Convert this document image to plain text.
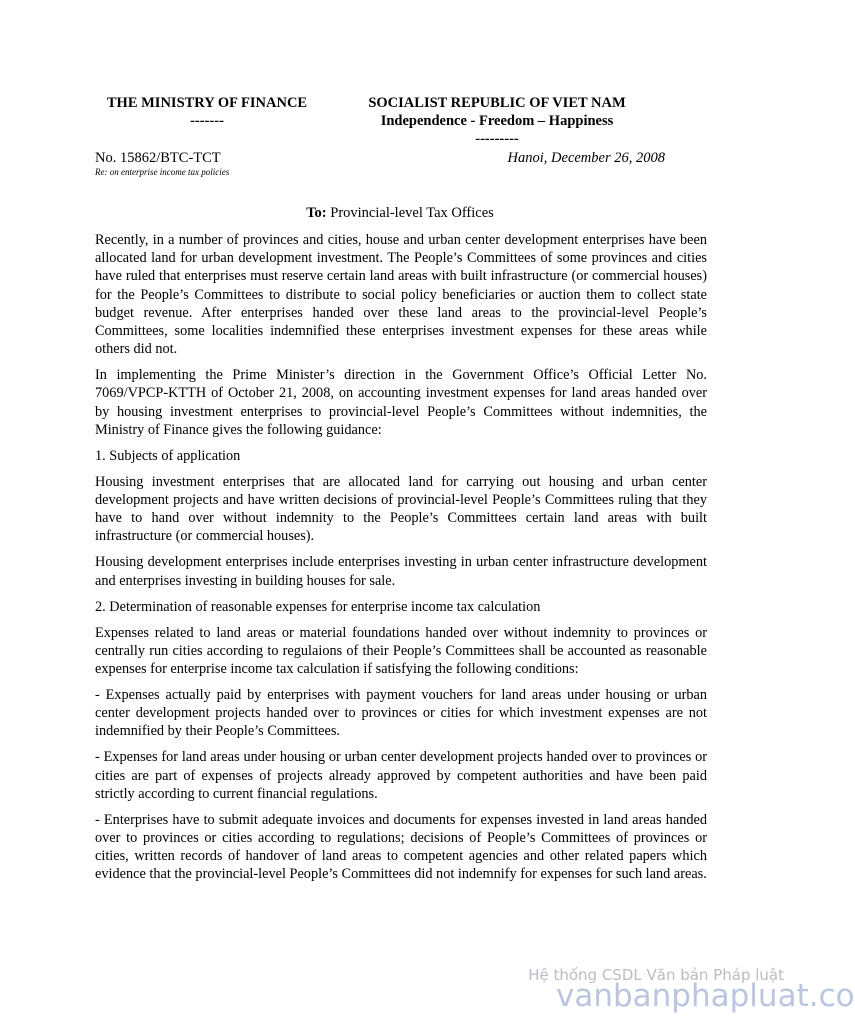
THE MINISTRY OF FINANCE
-------
SOCIALIST REPUBLIC OF VIET NAM
Independence - Freedom – Happiness
---------
No. 15862/BTC-TCT	Hanoi, December 26, 2008
Re: on enterprise income tax policies
To: Provincial-level Tax Offices

Recently, in a number of provinces and cities, house and urban center development enterprises have been allocated land for urban development investment. The People’s Committees of some provinces and cities have ruled that enterprises must reserve certain land areas with built infrastructure (or commercial houses) for the People’s Committees to distribute to social policy beneficiaries or auction them to collect state budget revenue. After enterprises handed over these land areas to the provincial-level People’s Committees, some localities indemnified these enterprises investment expenses for these areas while others did not.

In implementing the Prime Minister’s direction in the Government Office’s Official Letter No. 7069/VPCP-KTTH of October 21, 2008, on accounting investment expenses for land areas handed over by housing investment enterprises to provincial-level People’s Committees without indemnities, the Ministry of Finance gives the following guidance:

1. Subjects of application

Housing investment enterprises that are allocated land for carrying out housing and urban center development projects and have written decisions of provincial-level People’s Committees ruling that they have to hand over without indemnity to the People’s Committees certain land areas with built infrastructure (or commercial houses).

Housing development enterprises include enterprises investing in urban center infrastructure development and enterprises investing in building houses for sale.

2. Determination of reasonable expenses for enterprise income tax calculation

Expenses related to land areas or material foundations handed over without indemnity to provinces or centrally run cities according to regulaions of their People’s Committees shall be accounted as reasonable expenses for enterprise income tax calculation if satisfying the following conditions:

- Expenses actually paid by enterprises with payment vouchers for land areas under housing or urban center development projects handed over to provinces or cities for which investment expenses are not indemnified by their People’s Committees.

- Expenses for land areas under housing or urban center development projects handed over to provinces or cities are part of expenses of projects already approved by competent authorities and have been paid strictly according to current financial regulations.

- Enterprises have to submit adequate invoices and documents for expenses invested in land areas handed over to provinces or cities according to regulations; decisions of People’s Committees of provinces or cities, written records of handover of land areas to competent agencies and other related papers which evidence that the provincial-level People’s Committees did not indemnify for expenses for such land areas.

Hệ thống CSDL Văn bản Pháp luật
vanbanphapluat.co
